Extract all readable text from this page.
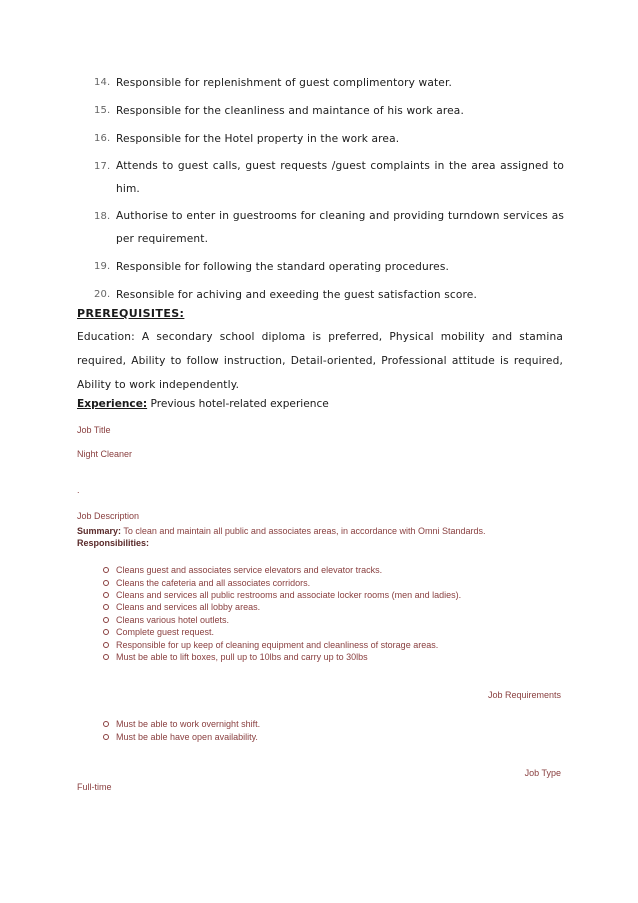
14. Responsible for replenishment of guest complimentory water.
15. Responsible for the cleanliness and maintance of his work area.
16. Responsible for the Hotel property in the work area.
17. Attends to guest calls, guest requests /guest complaints in the area assigned to him.
18. Authorise to enter in guestrooms for cleaning and providing turndown services as per requirement.
19. Responsible for following the standard operating procedures.
20. Resonsible for achiving and exeeding the guest satisfaction score.
PREREQUISITES:
Education: A secondary school diploma is preferred, Physical mobility and stamina required, Ability to follow instruction, Detail-oriented, Professional attitude is required, Ability to work independently.
Experience: Previous hotel-related experience
Job Title
Night Cleaner
.
Job Description
Summary: To clean and maintain all public and associates areas, in accordance with Omni Standards.
Responsibilities:
Cleans guest and associates service elevators and elevator tracks.
Cleans the cafeteria and all associates corridors.
Cleans and services all public restrooms and associate locker rooms (men and ladies).
Cleans and services all lobby areas.
Cleans various hotel outlets.
Complete guest request.
Responsible for up keep of cleaning equipment and cleanliness of storage areas.
Must be able to lift boxes, pull up to 10lbs and carry up to 30lbs
Job Requirements
Must be able to work overnight shift.
Must be able have open availability.
Job Type
Full-time
